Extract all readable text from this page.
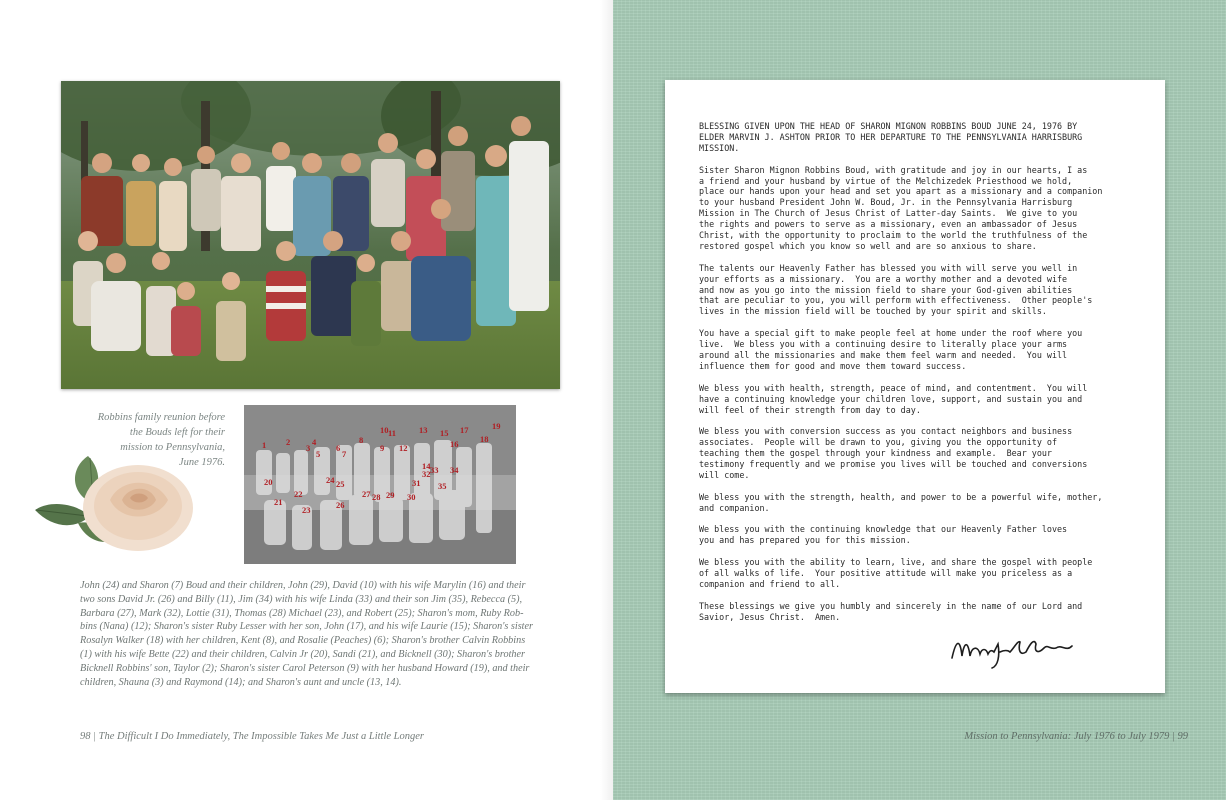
Robbins family reunion before
the Bouds left for their
mission to Pennsylvania,
June 1976.
1 2
3
4
5
6
7
8
9
10 11
12
13
14
15
16
17
18
19
20
21
22
23
24 25
26
27 28 29 30
31
32 33 34
35
John (24) and Sharon (7) Boud and their children, John (29), David (10) with his wife Marylin (16) and their
two sons David Jr. (26) and Billy (11), Jim (34) with his wife Linda (33) and their son Jim (35), Rebecca (5),
Barbara (27), Mark (32), Lottie (31), Thomas (28) Michael (23), and Robert (25); Sharon's mom, Ruby Rob-
bins (Nana) (12); Sharon's sister Ruby Lesser with her son, John (17), and his wife Laurie (15); Sharon's sister
Rosalyn Walker (18) with her children, Kent (8), and Rosalie (Peaches) (6); Sharon's brother Calvin Robbins
(1) with his wife Bette (22) and their children, Calvin Jr (20), Sandi (21), and Bicknell (30); Sharon's brother
Bicknell Robbins' son, Taylor (2); Sharon's sister Carol Peterson (9) with her husband Howard (19), and their
children, Shauna (3) and Raymond (14); and Sharon's aunt and uncle (13, 14).
98 | The Difficult I Do Immediately, The Impossible Takes Me Just a Little Longer
BLESSING GIVEN UPON THE HEAD OF SHARON MIGNON ROBBINS BOUD JUNE 24, 1976 BY
ELDER MARVIN J. ASHTON PRIOR TO HER DEPARTURE TO THE PENNSYLVANIA HARRISBURG
MISSION.
Sister Sharon Mignon Robbins Boud, with gratitude and joy in our hearts, I as
a friend and your husband by virtue of the Melchizedek Priesthood we hold,
place our hands upon your head and set you apart as a missionary and a companion
to your husband President John W. Boud, Jr. in the Pennsylvania Harrisburg
Mission in The Church of Jesus Christ of Latter-day Saints.  We give to you
the rights and powers to serve as a missionary, even an ambassador of Jesus
Christ, with the opportunity to proclaim to the world the truthfulness of the
restored gospel which you know so well and are so anxious to share.
The talents our Heavenly Father has blessed you with will serve you well in
your efforts as a missionary.  You are a worthy mother and a devoted wife
and now as you go into the mission field to share your God-given abilities
that are peculiar to you, you will perform with effectiveness.  Other people's
lives in the mission field will be touched by your spirit and skills.
You have a special gift to make people feel at home under the roof where you
live.  We bless you with a continuing desire to literally place your arms
around all the missionaries and make them feel warm and needed.  You will
influence them for good and move them toward success.
We bless you with health, strength, peace of mind, and contentment.  You will
have a continuing knowledge your children love, support, and sustain you and
will feel of their strength from day to day.
We bless you with conversion success as you contact neighbors and business
associates.  People will be drawn to you, giving you the opportunity of
teaching them the gospel through your kindness and example.  Bear your
testimony frequently and we promise you lives will be touched and conversions
will come.
We bless you with the strength, health, and power to be a powerful wife, mother,
and companion.
We bless you with the continuing knowledge that our Heavenly Father loves
you and has prepared you for this mission.
We bless you with the ability to learn, live, and share the gospel with people
of all walks of life.  Your positive attitude will make you priceless as a
companion and friend to all.
These blessings we give you humbly and sincerely in the name of our Lord and
Savior, Jesus Christ.  Amen.
Mission to Pennsylvania: July 1976 to July 1979 | 99
